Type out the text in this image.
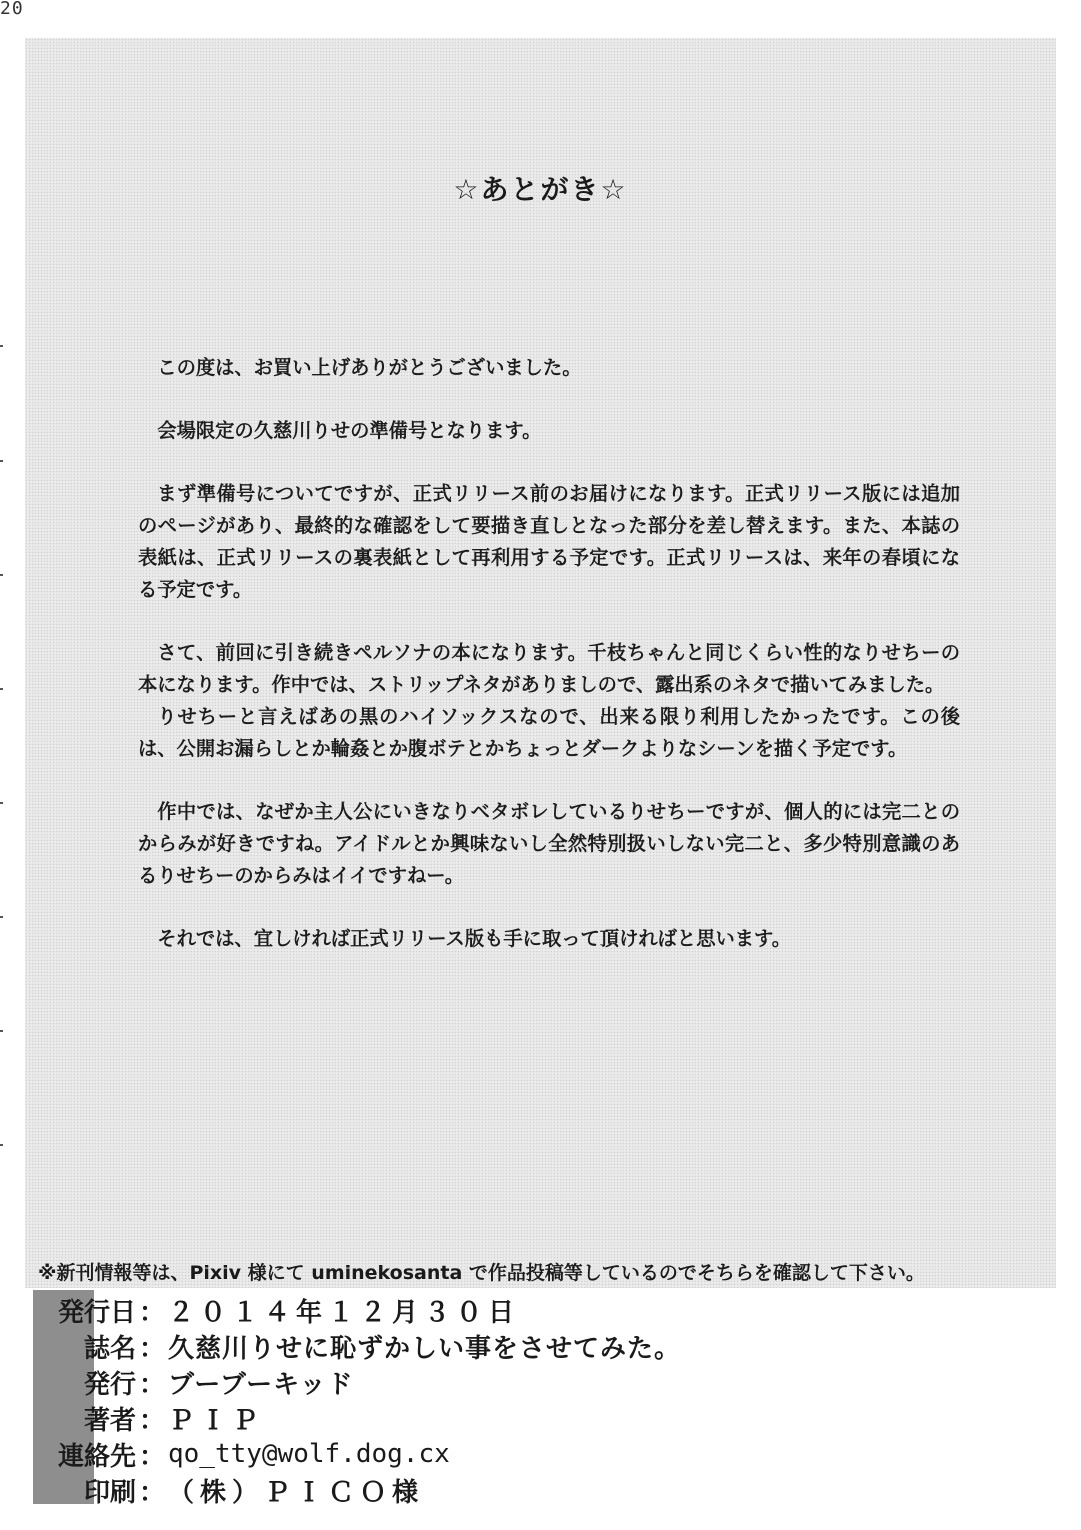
20
☆あとがき☆

この度は、お買い上げありがとうございました。

会場限定の久慈川りせの準備号となります。

まず準備号についてですが、正式リリース前のお届けになります。正式リリース版には追加のページがあり、最終的な確認をして要描き直しとなった部分を差し替えます。また、本誌の表紙は、正式リリースの裏表紙として再利用する予定です。正式リリースは、来年の春頃になる予定です。

さて、前回に引き続きペルソナの本になります。千枝ちゃんと同じくらい性的なりせちーの本になります。作中では、ストリップネタがありましので、露出系のネタで描いてみました。

りせちーと言えばあの黒のハイソックスなので、出来る限り利用したかったです。この後は、公開お漏らしとか輪姦とか腹ボテとかちょっとダークよりなシーンを描く予定です。

作中では、なぜか主人公にいきなりベタボレしているりせちーですが、個人的には完二とのからみが好きですね。アイドルとか興味ないし全然特別扱いしない完二と、多少特別意識のあるりせちーのからみはイイですねー。

それでは、宜しければ正式リリース版も手に取って頂ければと思います。

※新刊情報等は、Pixiv 様にて uminekosanta で作品投稿等しているのでそちらを確認して下さい。
発行日 ： ２０１４年１２月３０日
誌名 ： 久慈川りせに恥ずかしい事をさせてみた。
発行 ： ブーブーキッド
著者 ： ＰＩＰ
連絡先 ： qo_tty@wolf.dog.cx
印刷 ： （株）ＰＩＣＯ様
